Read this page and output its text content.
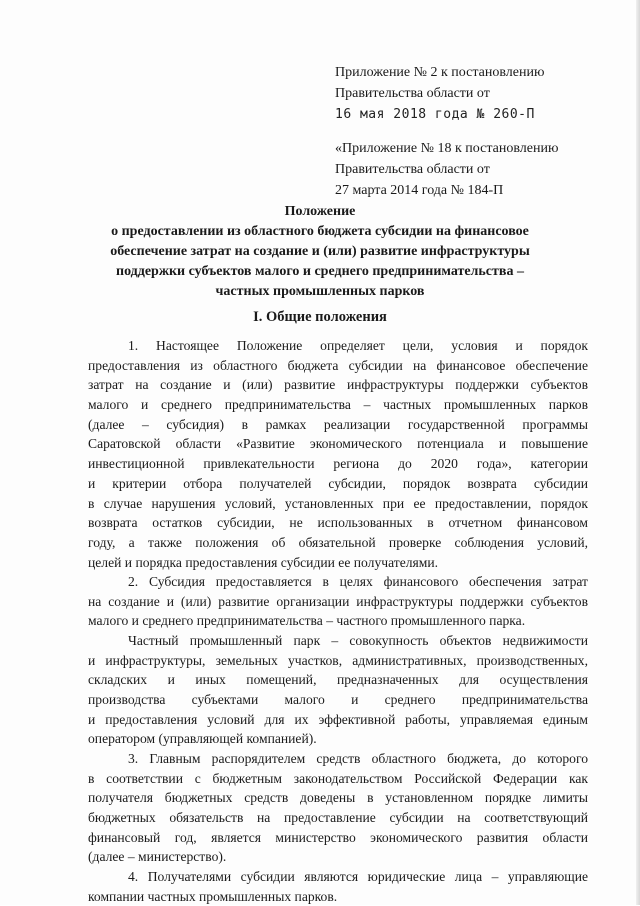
Приложение № 2 к постановлению
Правительства области от
16 мая 2018 года № 260-П
«Приложение № 18 к постановлению
Правительства области от
27 марта 2014 года № 184-П
Положение
о предоставлении из областного бюджета субсидии на финансовое
обеспечение затрат на создание и (или) развитие инфраструктуры
поддержки субъектов малого и среднего предпринимательства –
частных промышленных парков
I. Общие положения
1. Настоящее Положение определяет цели, условия и порядок
предоставления из областного бюджета субсидии на финансовое обеспечение
затрат на создание и (или) развитие инфраструктуры поддержки субъектов
малого и среднего предпринимательства – частных промышленных парков
(далее – субсидия) в рамках реализации государственной программы
Саратовской области «Развитие экономического потенциала и повышение
инвестиционной привлекательности региона до 2020 года», категории
и критерии отбора получателей субсидии, порядок возврата субсидии
в случае нарушения условий, установленных при ее предоставлении, порядок
возврата остатков субсидии, не использованных в отчетном финансовом
году, а также положения об обязательной проверке соблюдения условий,
целей и порядка предоставления субсидии ее получателями.
2. Субсидия предоставляется в целях финансового обеспечения затрат
на создание и (или) развитие организации инфраструктуры поддержки субъектов
малого и среднего предпринимательства – частного промышленного парка.
Частный промышленный парк – совокупность объектов недвижимости
и инфраструктуры, земельных участков, административных, производственных,
складских и иных помещений, предназначенных для осуществления
производства субъектами малого и среднего предпринимательства
и предоставления условий для их эффективной работы, управляемая единым
оператором (управляющей компанией).
3. Главным распорядителем средств областного бюджета, до которого
в соответствии с бюджетным законодательством Российской Федерации как
получателя бюджетных средств доведены в установленном порядке лимиты
бюджетных обязательств на предоставление субсидии на соответствующий
финансовый год, является министерство экономического развития области
(далее – министерство).
4. Получателями субсидии являются юридические лица – управляющие
компании частных промышленных парков.
